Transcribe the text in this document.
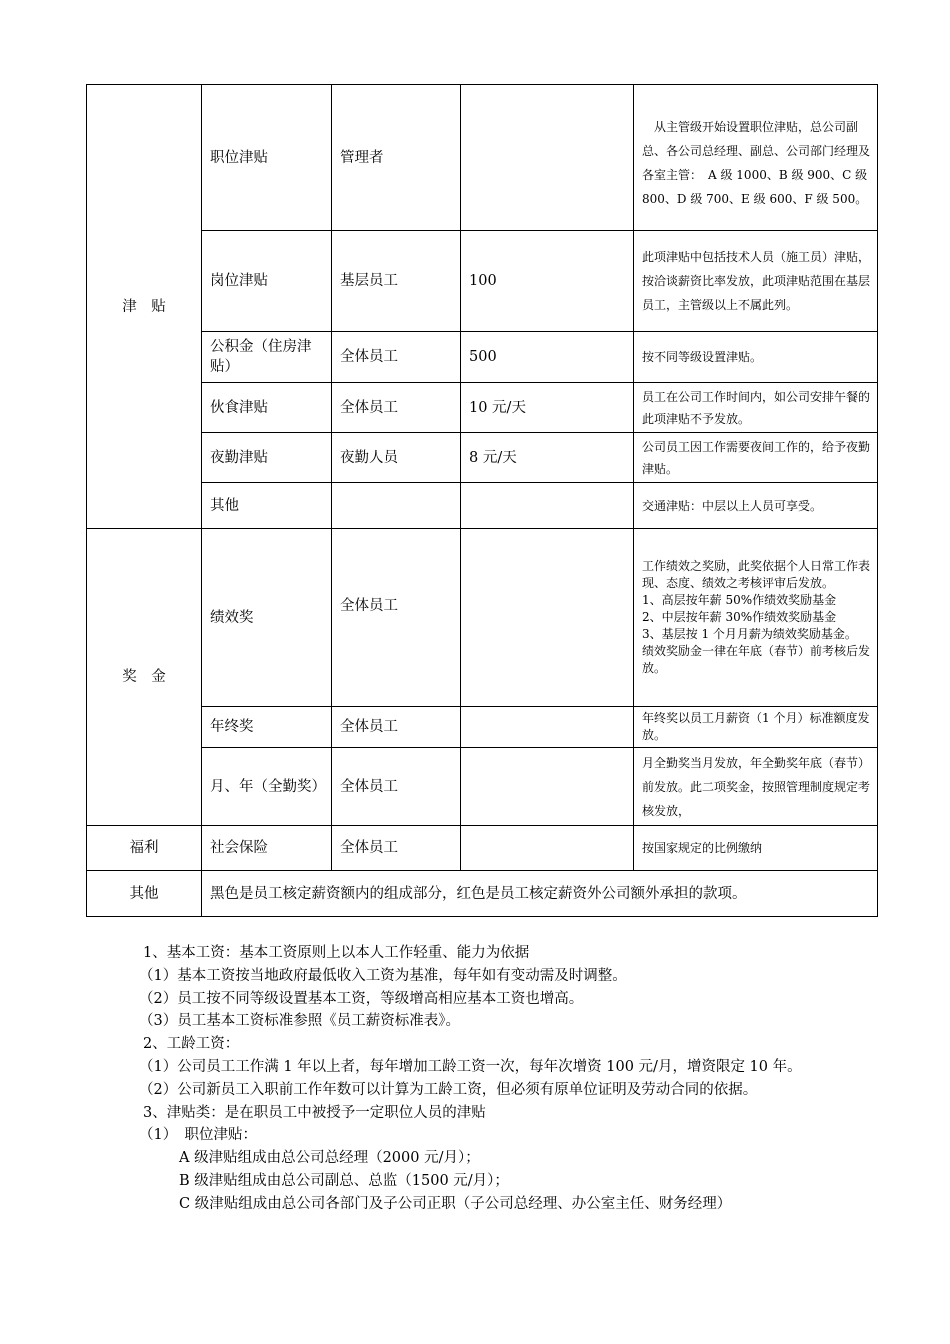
津　贴	职位津贴	管理者		　从主管级开始设置职位津贴，总公司副总、各公司总经理、副总、公司部门经理及各室主管：　A 级 1000、B 级 900、C 级 800、D 级 700、E 级 600、F 级 500。
	岗位津贴	基层员工	100	此项津贴中包括技术人员（施工员）津贴，按洽谈薪资比率发放，此项津贴范围在基层员工，主管级以上不属此列。
	公积金（住房津贴）	全体员工	500	按不同等级设置津贴。
	伙食津贴	全体员工	10 元/天	员工在公司工作时间内，如公司安排午餐的此项津贴不予发放。
	夜勤津贴	夜勤人员	8 元/天	公司员工因工作需要夜间工作的，给予夜勤津贴。
	其他			交通津贴：中层以上人员可享受。
奖　金	绩效奖	全体员工		工作绩效之奖励，此奖依据个人日常工作表现、态度、绩效之考核评审后发放。
1、高层按年薪 50%作绩效奖励基金
2、中层按年薪 30%作绩效奖励基金
3、基层按 1 个月月薪为绩效奖励基金。
绩效奖励金一律在年底（春节）前考核后发放。

	年终奖	全体员工		年终奖以员工月薪资（1 个月）标准额度发放。
	月、年（全勤奖）	全体员工		月全勤奖当月发放，年全勤奖年底（春节）前发放。此二项奖金，按照管理制度规定考核发放，
福利	社会保险	全体员工		按国家规定的比例缴纳
其他	黑色是员工核定薪资额内的组成部分，红色是员工核定薪资外公司额外承担的款项。			

1、基本工资：基本工资原则上以本人工作轻重、能力为依据

（1）基本工资按当地政府最低收入工资为基准，每年如有变动需及时调整。

（2）员工按不同等级设置基本工资，等级增高相应基本工资也增高。

（3）员工基本工资标准参照《员工薪资标准表》。

2、工龄工资：

（1）公司员工工作满 1 年以上者，每年增加工龄工资一次，每年次增资 100 元/月，增资限定 10 年。

（2）公司新员工入职前工作年数可以计算为工龄工资，但必须有原单位证明及劳动合同的依据。

3、津贴类：是在职员工中被授予一定职位人员的津贴

（1）　职位津贴：

A 级津贴组成由总公司总经理（2000 元/月）；

B 级津贴组成由总公司副总、总监（1500 元/月）；

C 级津贴组成由总公司各部门及子公司正职（子公司总经理、办公室主任、财务经理）
